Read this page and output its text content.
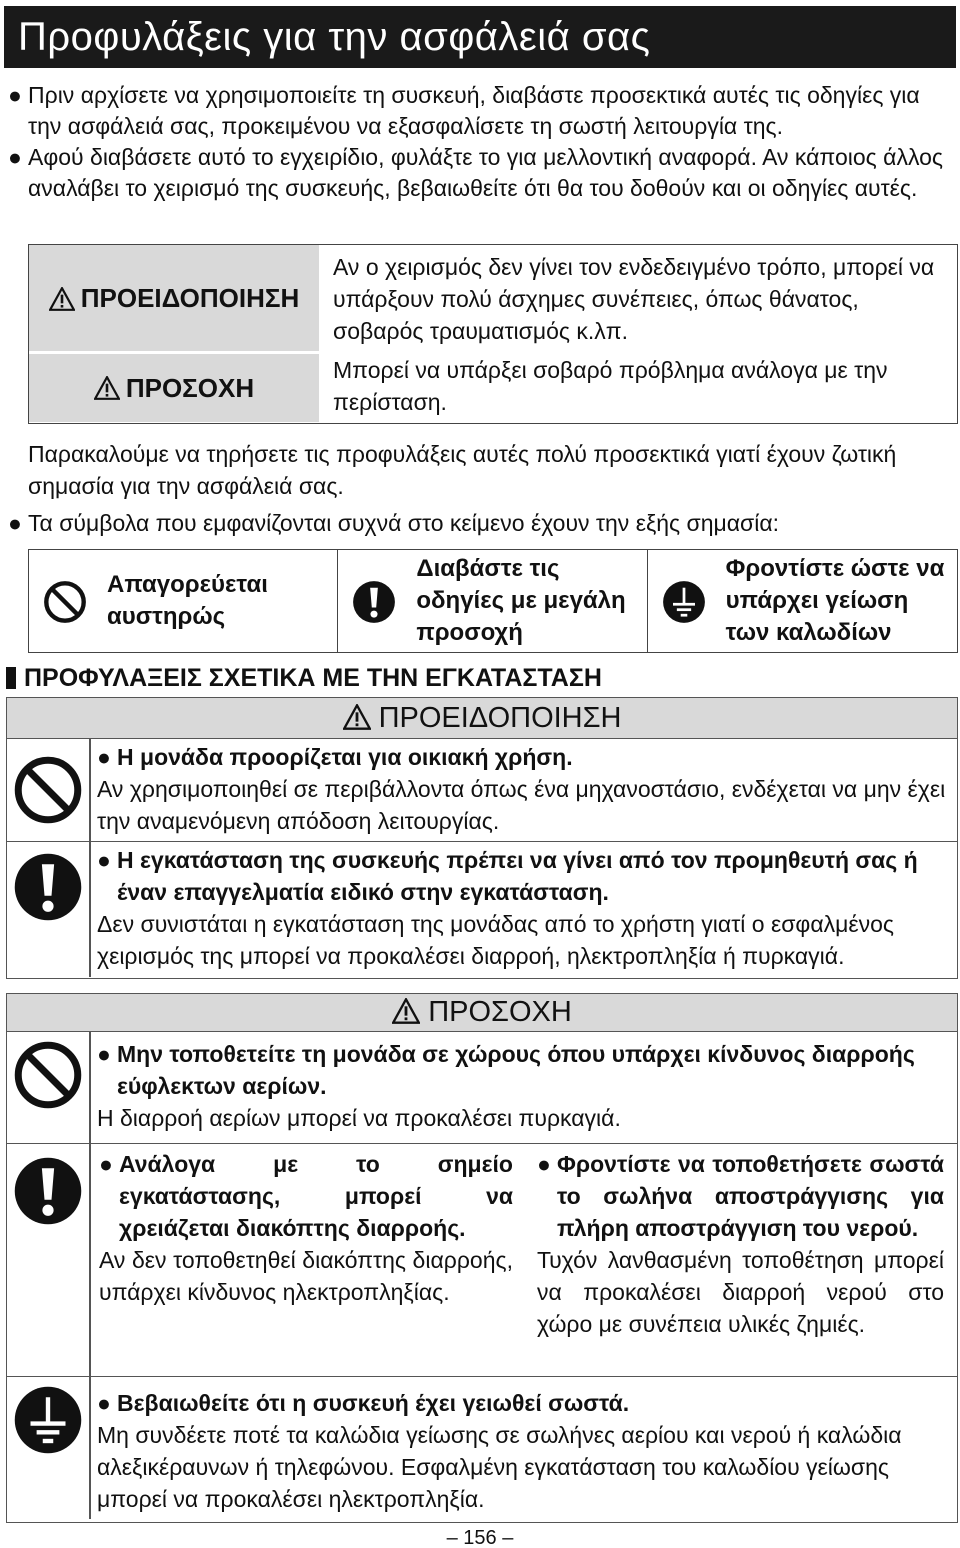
Προφυλάξεις για την ασφάλειά σας
● Πριν αρχίσετε να χρησιμοποιείτε τη συσκευή, διαβάστε προσεκτικά αυτές τις οδηγίες για την ασφάλειά σας, προκειμένου να εξασφαλίσετε τη σωστή λειτουργία της.
● Αφού διαβάσετε αυτό το εγχειρίδιο, φυλάξτε το για μελλοντική αναφορά. Αν κάποιος άλλος αναλάβει το χειρισμό της συσκευής, βεβαιωθείτε ότι θα του δοθούν και οι οδηγίες αυτές.
ΠΡΟΕΙΔΟΠΟΙΗΣΗ
Αν ο χειρισμός δεν γίνει τον ενδεδειγμένο τρόπο, μπορεί να υπάρξουν πολύ άσχημες συνέπειες, όπως θάνατος, σοβαρός τραυματισμός κ.λπ.
ΠΡΟΣΟΧΗ
Μπορεί να υπάρξει σοβαρό πρόβλημα ανάλογα με την περίσταση.
Παρακαλούμε να τηρήσετε τις προφυλάξεις αυτές πολύ προσεκτικά γιατί έχουν ζωτική σημασία για την ασφάλειά σας.
● Τα σύμβολα που εμφανίζονται συχνά στο κείμενο έχουν την εξής σημασία:
Απαγορεύεται αυστηρώς
Διαβάστε τις οδηγίες με μεγάλη προσοχή
Φροντίστε ώστε να υπάρχει γείωση των καλωδίων
ΠΡΟΦΥΛΑΞΕΙΣ ΣΧΕΤΙΚΑ ΜΕ ΤΗΝ ΕΓΚΑΤΑΣΤΑΣΗ
ΠΡΟΕΙΔΟΠΟΙΗΣΗ
● Η μονάδα προορίζεται για οικιακή χρήση.
Αν χρησιμοποιηθεί σε περιβάλλοντα όπως ένα μηχανοστάσιο, ενδέχεται να μην έχει την αναμενόμενη απόδοση λειτουργίας.
● Η εγκατάσταση της συσκευής πρέπει να γίνει από τον προμηθευτή σας ή έναν επαγγελματία ειδικό στην εγκατάσταση.
Δεν συνιστάται η εγκατάσταση της μονάδας από το χρήστη γιατί ο εσφαλμένος χειρισμός της μπορεί να προκαλέσει διαρροή, ηλεκτροπληξία ή πυρκαγιά.
ΠΡΟΣΟΧΗ
● Μην τοποθετείτε τη μονάδα σε χώρους όπου υπάρχει κίνδυνος διαρροής εύφλεκτων αερίων.
Η διαρροή αερίων μπορεί να προκαλέσει πυρκαγιά.
● Ανάλογα με το σημείο εγκατάστασης, μπορεί να χρειάζεται διακόπτης διαρροής.
Αν δεν τοποθετηθεί διακόπτης διαρροής, υπάρχει κίνδυνος ηλεκτροπληξίας.
● Φροντίστε να τοποθετήσετε σωστά το σωλήνα αποστράγγισης για πλήρη αποστράγγιση του νερού.
Τυχόν λανθασμένη τοποθέτηση μπορεί να προκαλέσει διαρροή νερού στο χώρο με συνέπεια υλικές ζημιές.
● Βεβαιωθείτε ότι η συσκευή έχει γειωθεί σωστά.
Μη συνδέετε ποτέ τα καλώδια γείωσης σε σωλήνες αερίου και νερού ή καλώδια αλεξικέραυνων ή τηλεφώνου. Εσφαλμένη εγκατάσταση του καλωδίου γείωσης μπορεί να προκαλέσει ηλεκτροπληξία.
– 156 –
